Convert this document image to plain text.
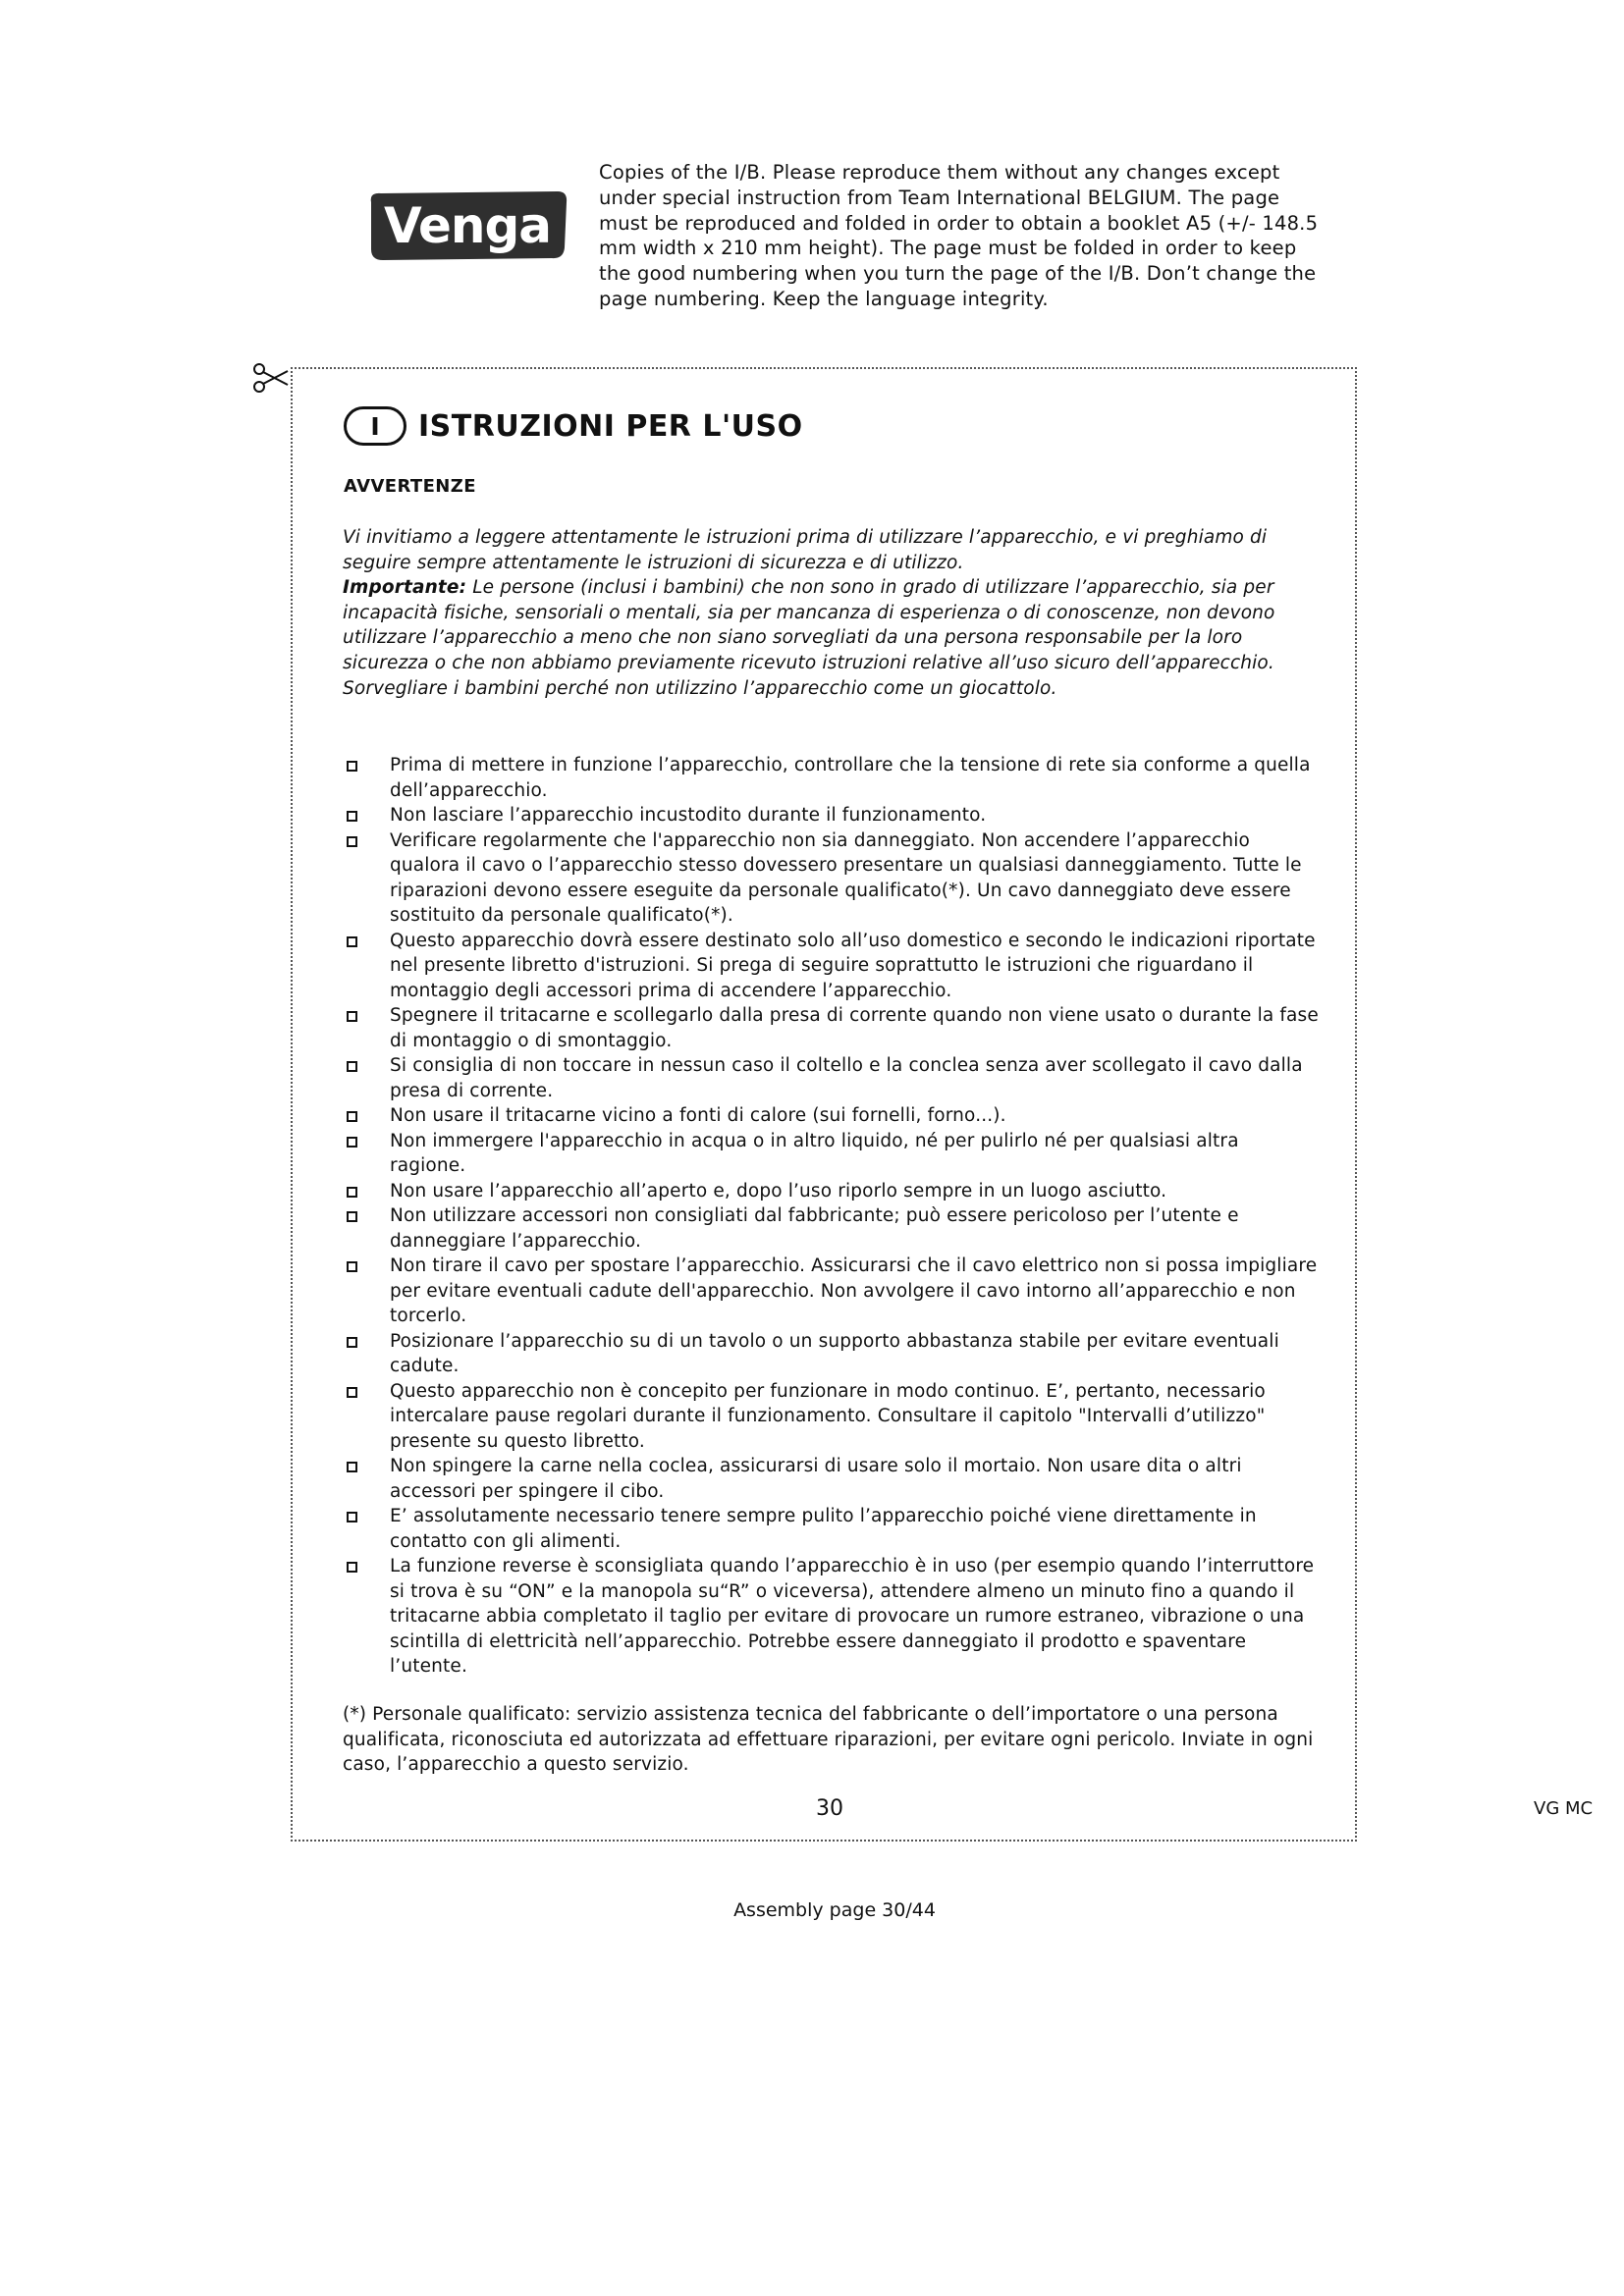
Venga
Copies of the I/B. Please reproduce them without any changes except under special instruction from Team International BELGIUM. The page must be reproduced and folded in order to obtain a booklet A5 (+/- 148.5 mm width x 210 mm height). The page must be folded in order to keep the good numbering when you turn the page of the I/B. Don’t change the page numbering. Keep the language integrity.
VG MC
I	ISTRUZIONI PER L'USO
AVVERTENZE
Vi invitiamo a leggere attentamente le istruzioni prima di utilizzare l’apparecchio, e vi preghiamo di seguire sempre attentamente le istruzioni di sicurezza e di utilizzo.
Importante: Le persone (inclusi i bambini) che non sono in grado di utilizzare l’apparecchio, sia per incapacità fisiche, sensoriali o mentali, sia per mancanza di esperienza o di conoscenze, non devono utilizzare l’apparecchio a meno che non siano sorvegliati da una persona responsabile per la loro sicurezza o che non abbiamo previamente ricevuto istruzioni relative all’uso sicuro dell’apparecchio.
Sorvegliare i bambini perché non utilizzino l’apparecchio come un giocattolo.
Prima di mettere in funzione l’apparecchio, controllare che la tensione di rete sia conforme a quella dell’apparecchio.
Non lasciare l’apparecchio incustodito durante il funzionamento.
Verificare regolarmente che l'apparecchio non sia danneggiato. Non accendere l’apparecchio qualora il cavo o l’apparecchio stesso dovessero presentare un qualsiasi danneggiamento. Tutte le riparazioni devono essere eseguite da personale qualificato(*). Un cavo danneggiato deve essere sostituito da personale qualificato(*).
Questo apparecchio dovrà essere destinato solo all’uso domestico e secondo le indicazioni riportate nel presente libretto d'istruzioni. Si prega di seguire soprattutto le istruzioni che riguardano il montaggio degli accessori prima di accendere l’apparecchio.
Spegnere il tritacarne e scollegarlo dalla presa di corrente quando non viene usato o durante la fase di montaggio o di smontaggio.
Si consiglia di non toccare in nessun caso il coltello e la conclea senza aver scollegato il cavo dalla presa di corrente.
Non usare il tritacarne vicino a fonti di calore (sui fornelli, forno...).
Non immergere l'apparecchio in acqua o in altro liquido, né per pulirlo né per qualsiasi altra ragione.
Non usare l’apparecchio all’aperto e, dopo l’uso riporlo sempre in un luogo asciutto.
Non utilizzare accessori non consigliati dal fabbricante; può essere pericoloso per l’utente e danneggiare l’apparecchio.
Non tirare il cavo per spostare l’apparecchio. Assicurarsi che il cavo elettrico non si possa impigliare per evitare eventuali cadute dell'apparecchio. Non avvolgere il cavo intorno all’apparecchio e non torcerlo.
Posizionare l’apparecchio su di un tavolo o un supporto abbastanza stabile per evitare eventuali cadute.
Questo apparecchio non è concepito per funzionare in modo continuo. E’, pertanto, necessario intercalare pause regolari durante il funzionamento. Consultare il capitolo "Intervalli d’utilizzo" presente su questo libretto.
Non spingere la carne nella coclea, assicurarsi di usare solo il mortaio. Non usare dita o altri accessori per spingere il cibo.
E’ assolutamente necessario tenere sempre pulito l’apparecchio poiché viene direttamente in contatto con gli alimenti.
La funzione reverse è sconsigliata quando l’apparecchio è in uso (per esempio quando l’interruttore si trova è su “ON” e la manopola su“R” o viceversa), attendere almeno un minuto fino a quando il tritacarne abbia completato il taglio per evitare di provocare un rumore estraneo, vibrazione o una scintilla di elettricità nell’apparecchio. Potrebbe essere danneggiato il prodotto e spaventare l’utente.
(*) Personale qualificato: servizio assistenza tecnica del fabbricante o dell’importatore o una persona qualificata, riconosciuta ed autorizzata ad effettuare riparazioni, per evitare ogni pericolo. Inviate in ogni caso, l’apparecchio a questo servizio.
30
Assembly page 30/44
